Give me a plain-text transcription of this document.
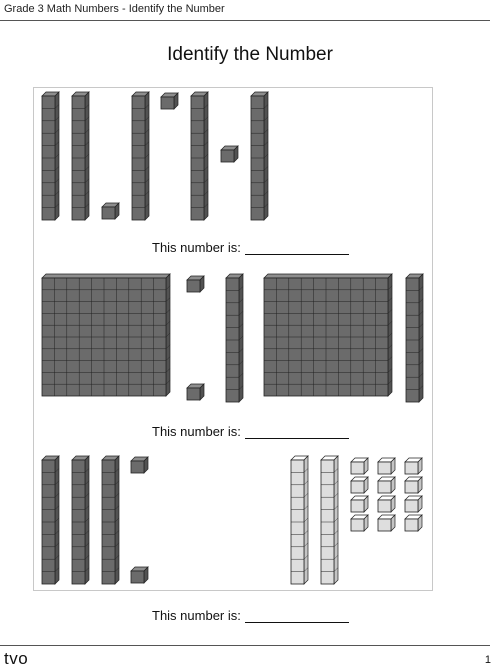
Grade 3 Math Numbers - Identify the Number
Identify the Number
This number is:
This number is:
This number is:
tvo	1
